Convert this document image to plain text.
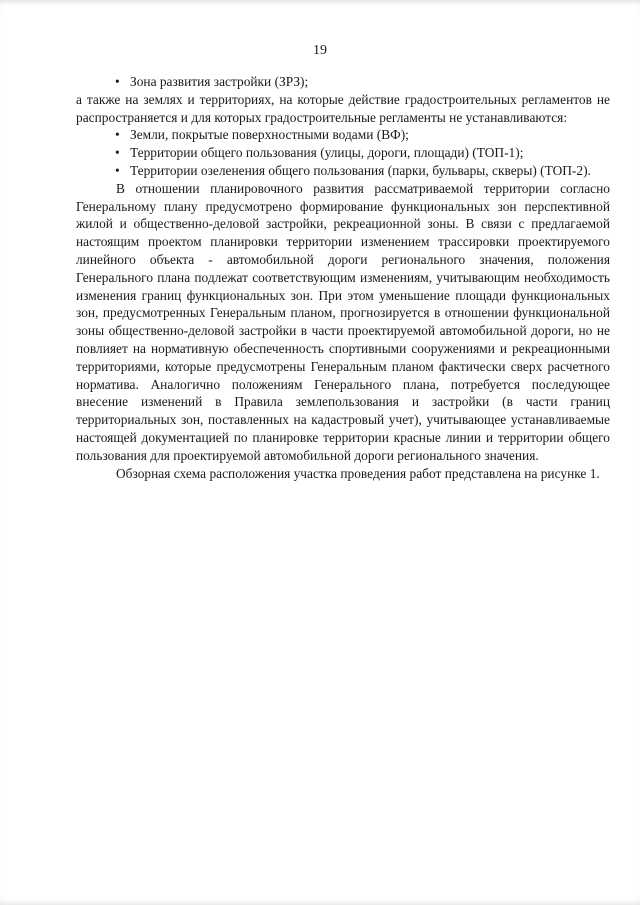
19
• Зона развития застройки (ЗРЗ);

а также на землях и территориях, на которые действие градостроительных регламентов не распространяется и для которых градостроительные регламенты не устанавливаются:

• Земли, покрытые поверхностными водами (ВФ);
• Территории общего пользования (улицы, дороги, площади) (ТОП-1);
• Территории озеленения общего пользования (парки, бульвары, скверы) (ТОП-2).

В отношении планировочного развития рассматриваемой территории согласно Генеральному плану предусмотрено формирование функциональных зон перспективной жилой и общественно-деловой застройки, рекреационной зоны. В связи с предлагаемой настоящим проектом планировки территории изменением трассировки проектируемого линейного объекта - автомобильной дороги регионального значения, положения Генерального плана подлежат соответствующим изменениям, учитывающим необходимость изменения границ функциональных зон. При этом уменьшение площади функциональных зон, предусмотренных Генеральным планом, прогнозируется в отношении функциональной зоны общественно-деловой застройки в части проектируемой автомобильной дороги, но не повлияет на нормативную обеспеченность спортивными сооружениями и рекреационными территориями, которые предусмотрены Генеральным планом фактически сверх расчетного норматива. Аналогично положениям Генерального плана, потребуется последующее внесение изменений в Правила землепользования и застройки (в части границ территориальных зон, поставленных на кадастровый учет), учитывающее устанавливаемые настоящей документацией по планировке территории красные линии и территории общего пользования для проектируемой автомобильной дороги регионального значения.

Обзорная схема расположения участка проведения работ представлена на рисунке 1.
